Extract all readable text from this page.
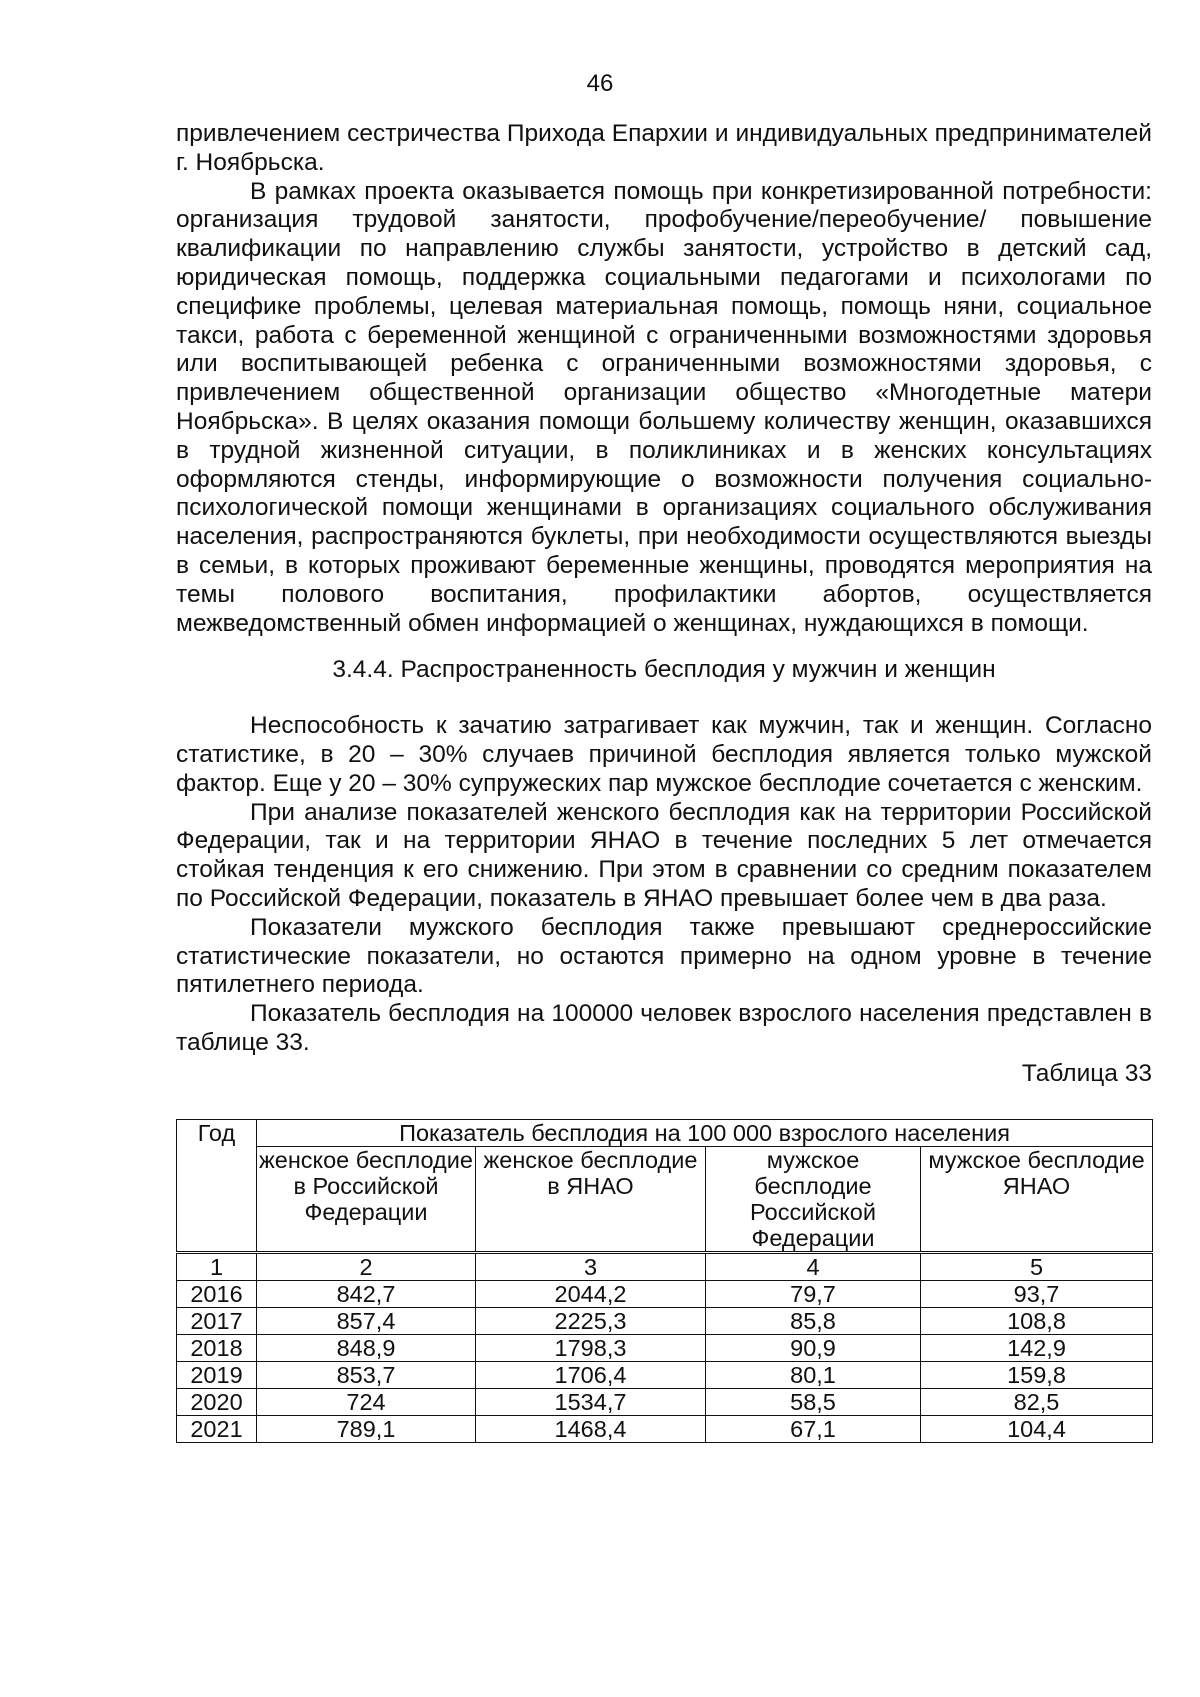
46

привлечением сестричества Прихода Епархии и индивидуальных предпринимателей г. Ноябрьска.

В рамках проекта оказывается помощь при конкретизированной потребности: организация трудовой занятости, профобучение/переобучение/ повышение квалификации по направлению службы занятости, устройство в детский сад, юридическая помощь, поддержка социальными педагогами и психологами по специфике проблемы, целевая материальная помощь, помощь няни, социальное такси, работа с беременной женщиной с ограниченными возможностями здоровья или воспитывающей ребенка с ограниченными возможностями здоровья, с привлечением общественной организации общество «Многодетные матери Ноябрьска». В целях оказания помощи большему количеству женщин, оказавшихся в трудной жизненной ситуации, в поликлиниках и в женских консультациях оформляются стенды, информирующие о возможности получения социально-психологической помощи женщинами в организациях социального обслуживания населения, распространяются буклеты, при необходимости осуществляются выезды в семьи, в которых проживают беременные женщины, проводятся мероприятия на темы полового воспитания, профилактики абортов, осуществляется межведомственный обмен информацией о женщинах, нуждающихся в помощи.

3.4.4. Распространенность бесплодия у мужчин и женщин

Неспособность к зачатию затрагивает как мужчин, так и женщин. Согласно статистике, в 20 – 30% случаев причиной бесплодия является только мужской фактор. Еще у 20 – 30% супружеских пар мужское бесплодие сочетается с женским.

При анализе показателей женского бесплодия как на территории Российской Федерации, так и на территории ЯНАО в течение последних 5 лет отмечается стойкая тенденция к его снижению. При этом в сравнении со средним показателем по Российской Федерации, показатель в ЯНАО превышает более чем в два раза.

Показатели мужского бесплодия также превышают среднероссийские статистические показатели, но остаются примерно на одном уровне в течение пятилетнего периода.

Показатель бесплодия на 100000 человек взрослого населения представлен в таблице 33.

Таблица 33

Год	Показатель бесплодия на 100 000 взрослого населения			
	женское бесплодие в Российской Федерации	женское бесплодие в ЯНАО	мужское бесплодие Российской Федерации	мужское бесплодие ЯНАО
1	2	3	4	5
2016	842,7	2044,2	79,7	93,7
2017	857,4	2225,3	85,8	108,8
2018	848,9	1798,3	90,9	142,9
2019	853,7	1706,4	80,1	159,8
2020	724	1534,7	58,5	82,5
2021	789,1	1468,4	67,1	104,4
